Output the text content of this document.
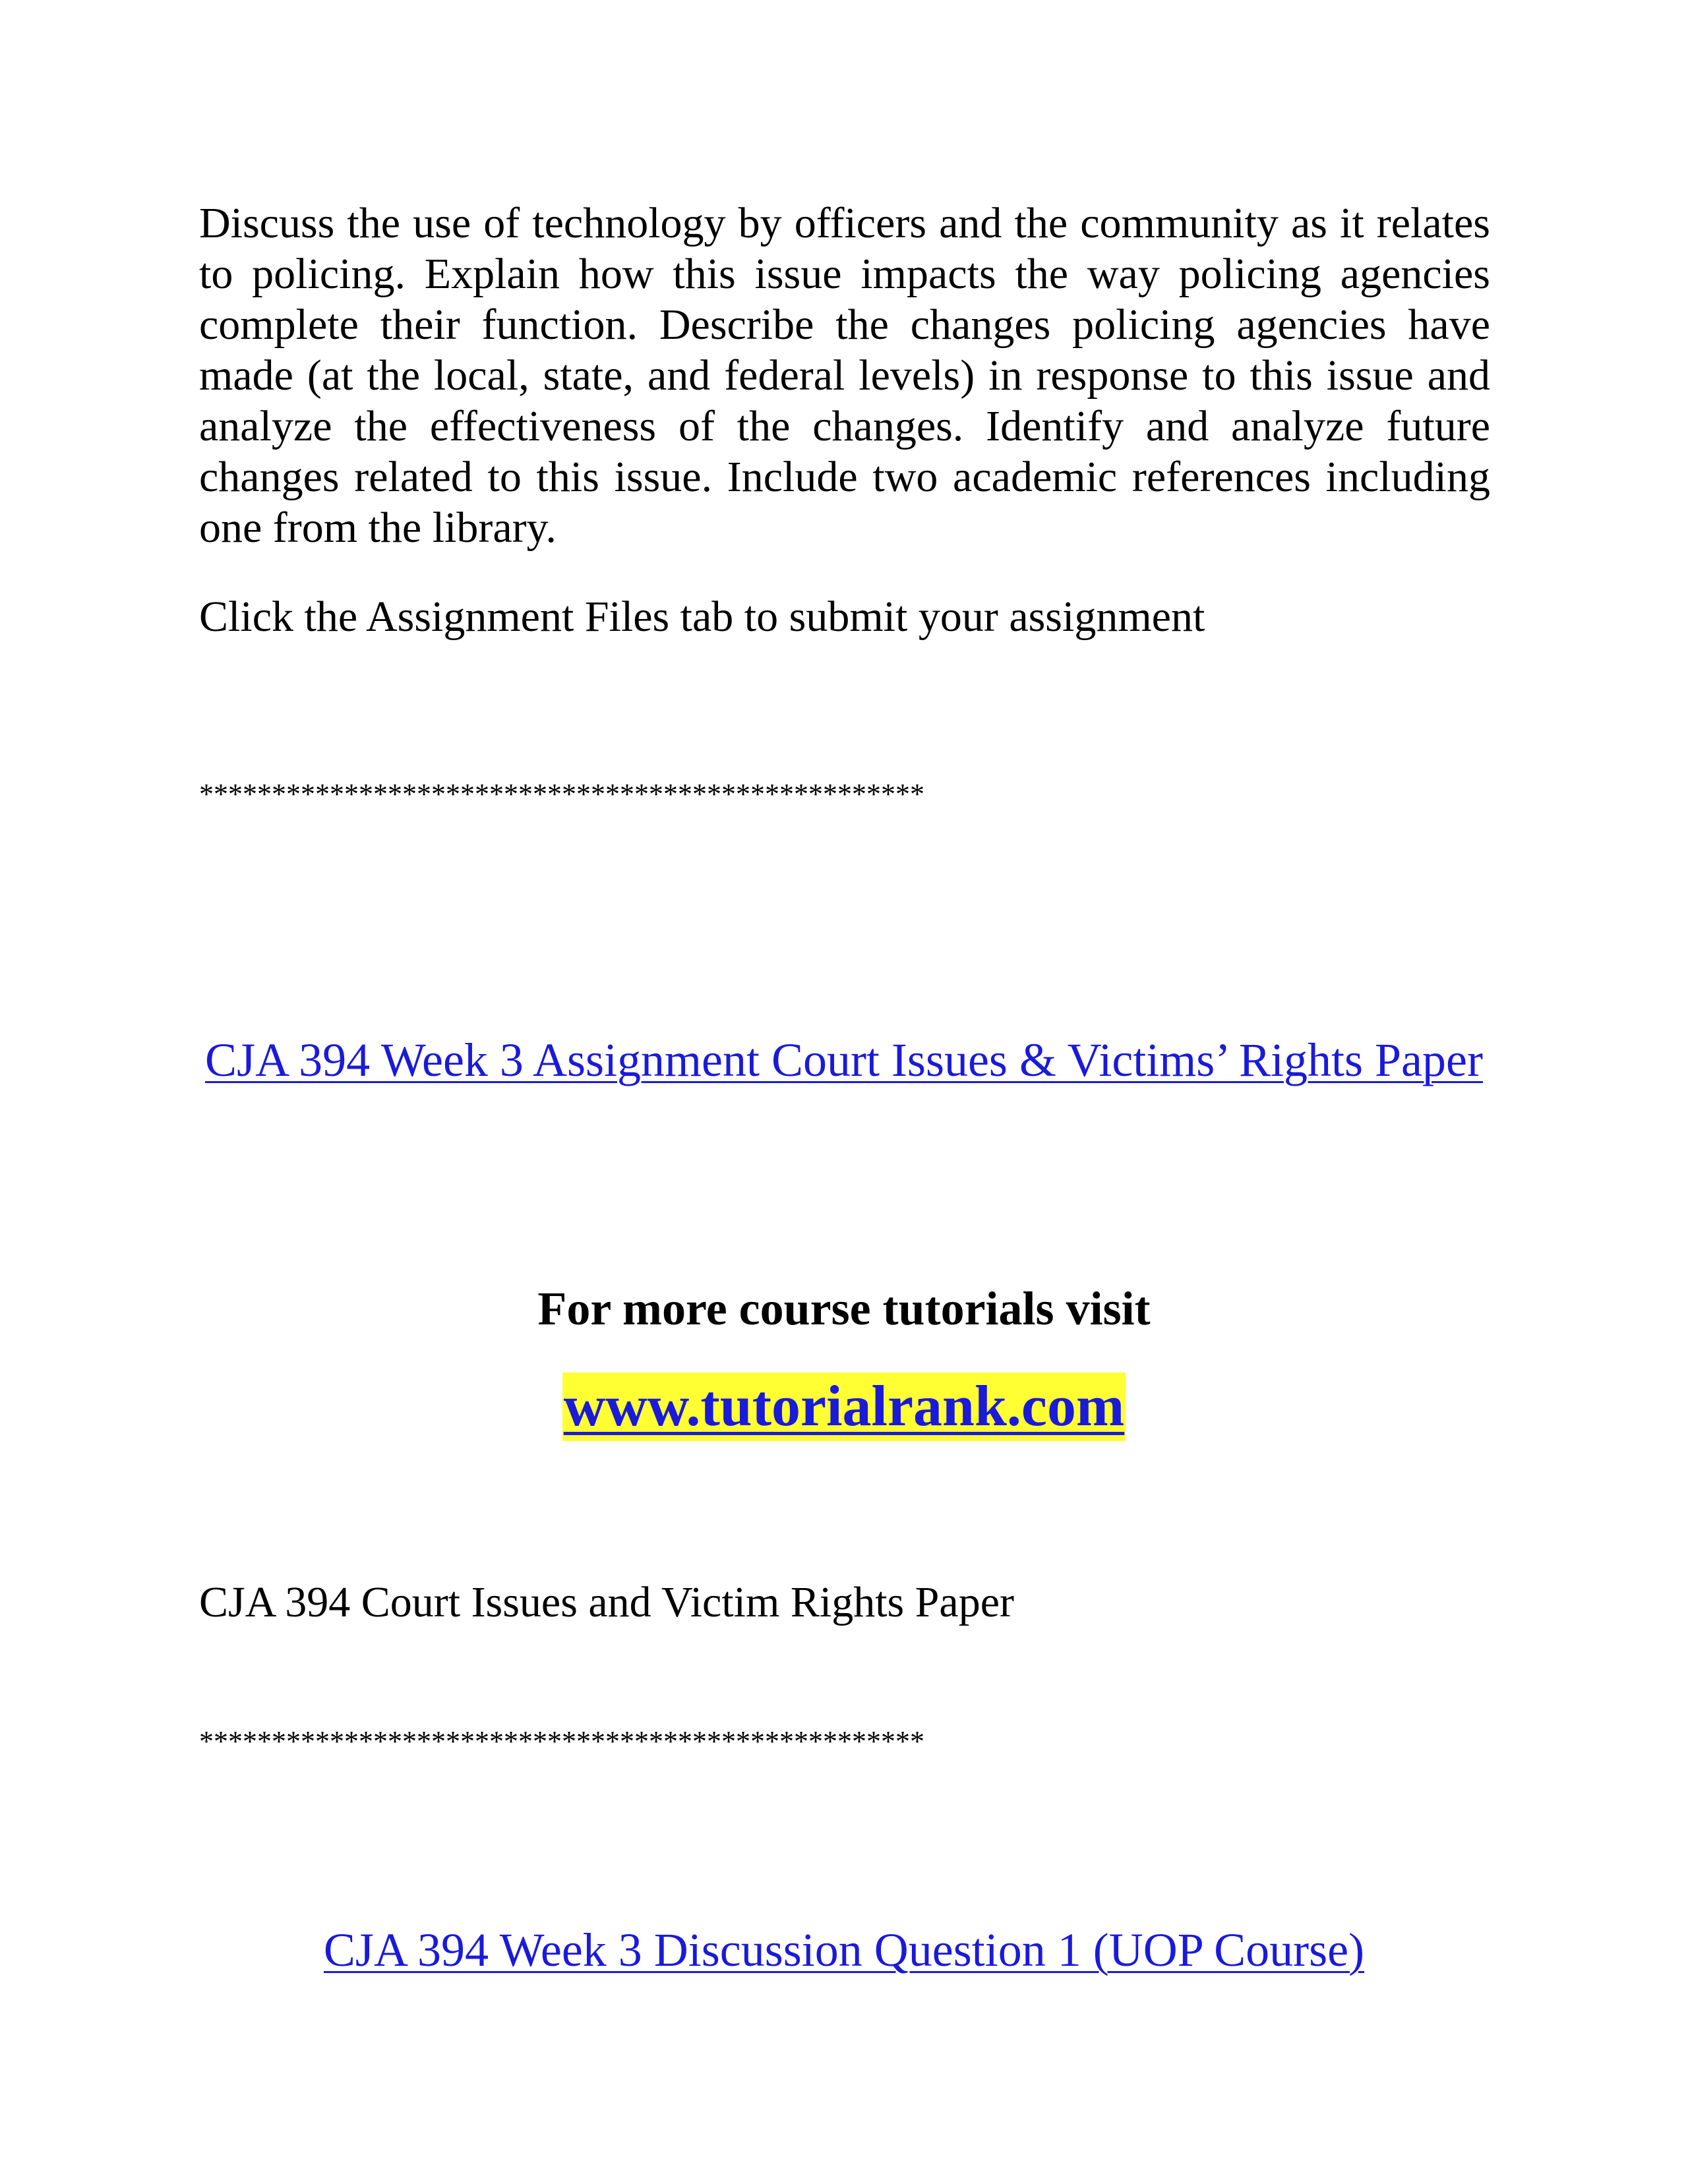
Discuss the use of technology by officers and the community as it relates to policing. Explain how this issue impacts the way policing agencies complete their function. Describe the changes policing agencies have made (at the local, state, and federal levels) in response to this issue and analyze the effectiveness of the changes. Identify and analyze future changes related to this issue. Include two academic references including one from the library.

Click the Assignment Files tab to submit your assignment

**************************************************

CJA 394 Week 3 Assignment Court Issues & Victims’ Rights Paper

For more course tutorials visit

www.tutorialrank.com

CJA 394 Court Issues and Victim Rights Paper

**************************************************

CJA 394 Week 3 Discussion Question 1 (UOP Course)
